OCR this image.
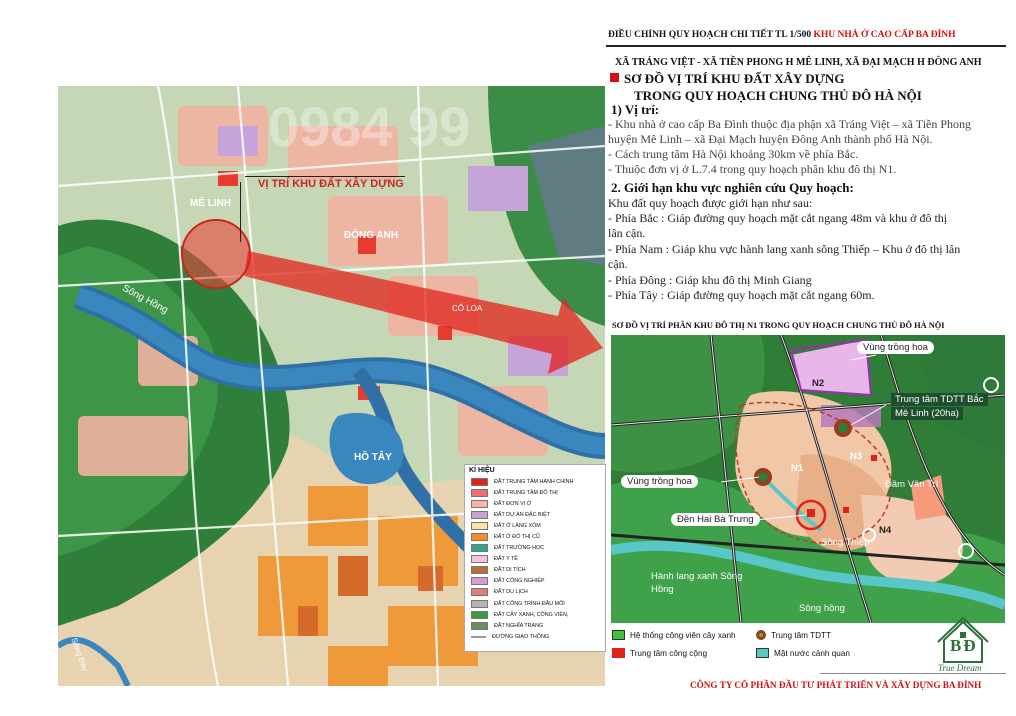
ĐIỀU CHỈNH QUY HOẠCH CHI TIẾT TL 1/500 KHU NHÀ Ở CAO CẤP BA ĐÌNH
XÃ TRÁNG VIỆT - XÃ TIỀN PHONG H MÊ LINH, XÃ ĐẠI MẠCH H ĐÔNG ANH
SƠ ĐỒ VỊ TRÍ KHU ĐẤT XÂY DỰNG
TRONG QUY HOẠCH CHUNG THỦ ĐÔ HÀ NỘI
1) Vị trí:
- Khu nhà ở cao cấp Ba Đình thuộc địa phận xã Tráng Việt – xã Tiền Phong
huyện Mê Linh – xã Đại Mạch huyện Đông Anh thành phố Hà Nội.
- Cách trung tâm Hà Nội khoảng 30km về phía Bắc.
- Thuộc đơn vị ở L.7.4 trong quy hoạch phân khu đô thị N1.
2. Giới hạn khu vực nghiên cứu Quy hoạch:
Khu đất quy hoạch được giới hạn như sau:
- Phía Bắc : Giáp đường quy hoạch mặt cắt ngang 48m và khu ở đô thị
lân cận.
- Phía Nam : Giáp khu vực hành lang xanh sông Thiếp – Khu ở đô thị lân
cận.
- Phía Đông : Giáp khu đô thị Minh Giang
- Phía Tây : Giáp đường quy hoạch mặt cắt ngang 60m.
0984 99
VỊ TRÍ KHU ĐẤT XÂY DỰNG
MÊ LINH
ĐÔNG ANH
Sông Hồng
HỒ TÂY
CỔ LOA
Sông Đáy
KÍ HIỆU
ĐẤT TRUNG TÂM HÀNH CHÍNH
ĐẤT TRUNG TÂM ĐÔ THỊ
ĐẤT ĐƠN VỊ Ở
ĐẤT DỰ ÁN ĐẶC BIỆT
ĐẤT Ở LÀNG XÓM
ĐẤT Ở ĐÔ THỊ CŨ
ĐẤT TRƯỜNG HỌC
ĐẤT Y TẾ
ĐẤT DI TÍCH
ĐẤT CÔNG NGHIỆP
ĐẤT DU LỊCH
ĐẤT CÔNG TRÌNH ĐẦU MỐI
ĐẤT CÂY XANH, CÔNG VIÊN,
ĐẤT NGHĨA TRANG
ĐƯỜNG GIAO THÔNG
SƠ ĐỒ VỊ TRÍ PHÂN KHU ĐÔ THỊ N1 TRONG QUY HOẠCH CHUNG THỦ ĐÔ HÀ NỘI
Vùng trồng hoa
N2
Trung tâm TDTT Bắc
Mê Linh (20ha)
N3
N1
Vùng trồng hoa	Đầm Vân Trì
Đền Hai Bà Trưng
N4
Sông Thiếp
Hành lang xanh Sông
Hồng
Sông hồng
Hệ thống công viên cây xanh	Trung tâm TDTT
Trung tâm công cộng	Mặt nước cảnh quan	BĐ
True Dream
CÔNG TY CỔ PHẦN ĐẦU TƯ PHÁT TRIỂN VÀ XÂY DỰNG BA ĐÌNH
